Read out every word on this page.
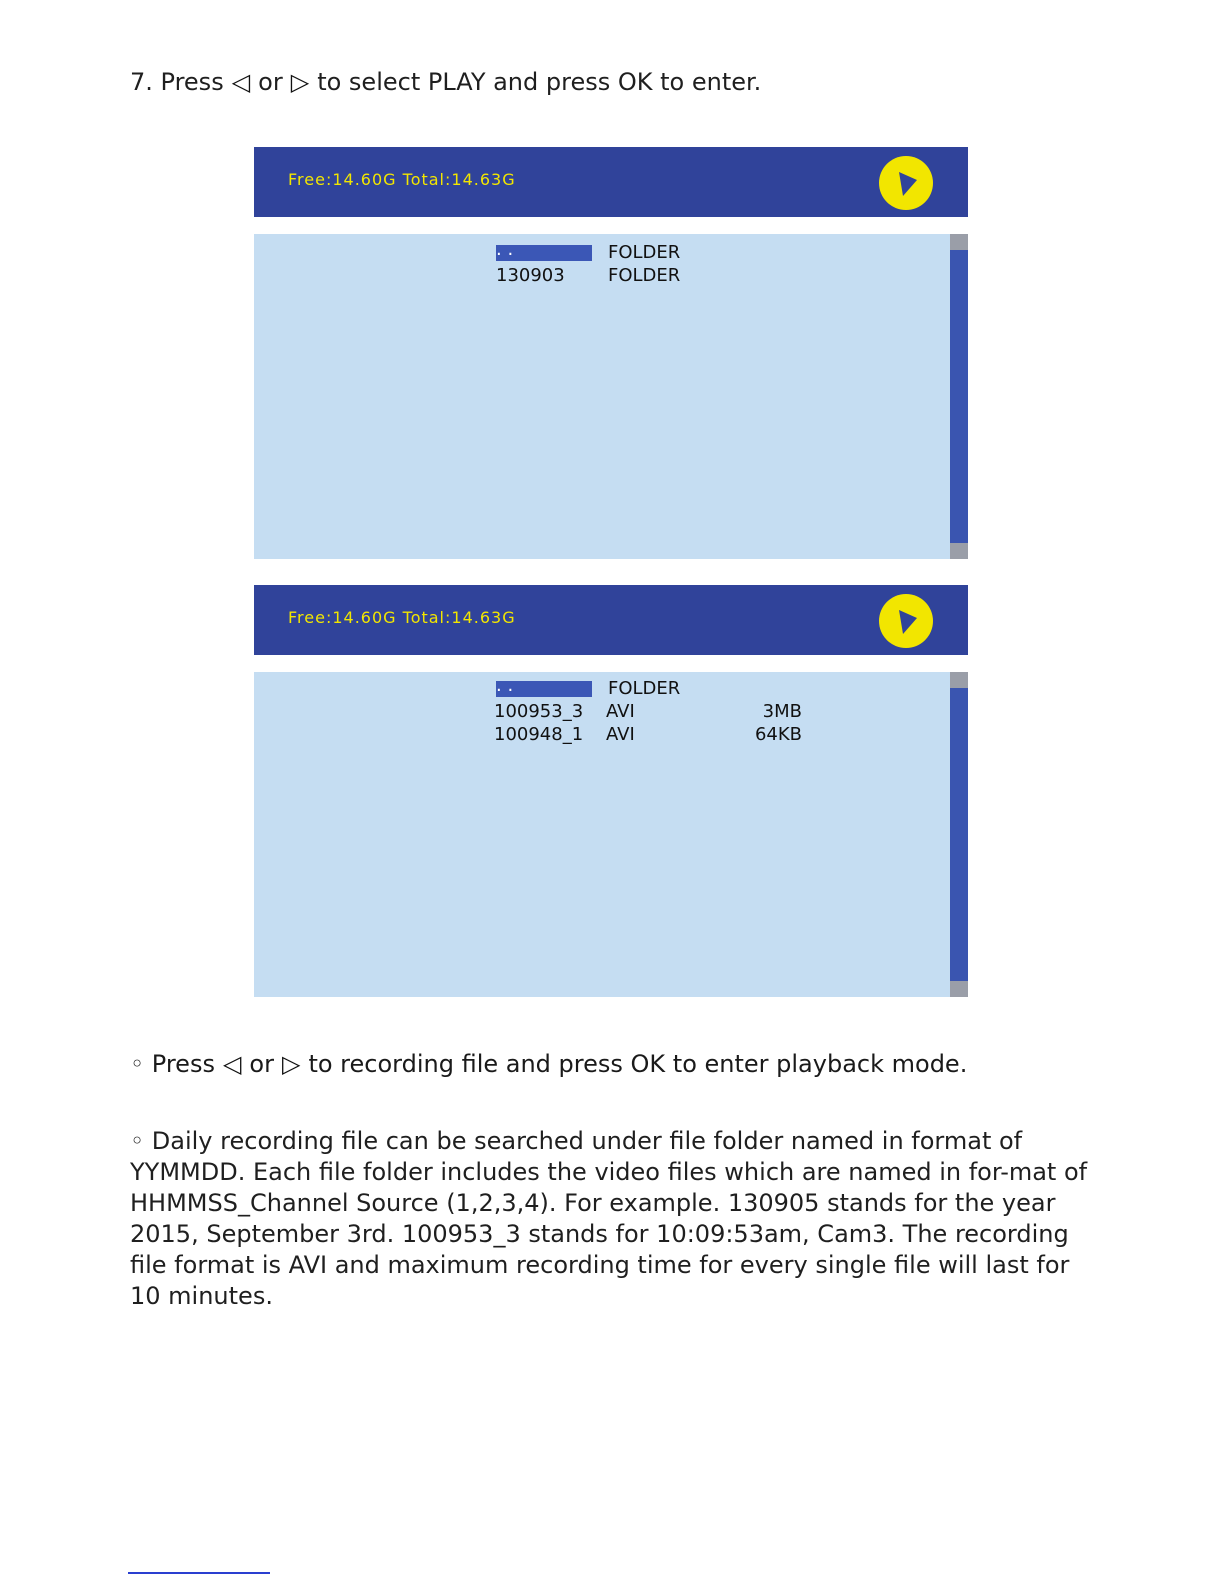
7. Press ◁ or ▷ to select PLAY and press OK to enter.

Free:14.60G Total:14.63G
. .	FOLDER
130903	FOLDER
Free:14.60G Total:14.63G
. .	FOLDER
100953_3	AVI	3MB
100948_1	AVI	64KB

◦ Press ◁ or ▷ to recording file and press OK to enter playback mode.

◦ Daily recording file can be searched under file folder named in format of YYMMDD. Each file folder includes the video files which are named in for-mat of HHMMSS_Channel Source (1,2,3,4). For example. 130905 stands for the year 2015, September 3rd. 100953_3 stands for 10:09:53am, Cam3. The recording file format is AVI and maximum recording time for every single file will last for 10 minutes.
